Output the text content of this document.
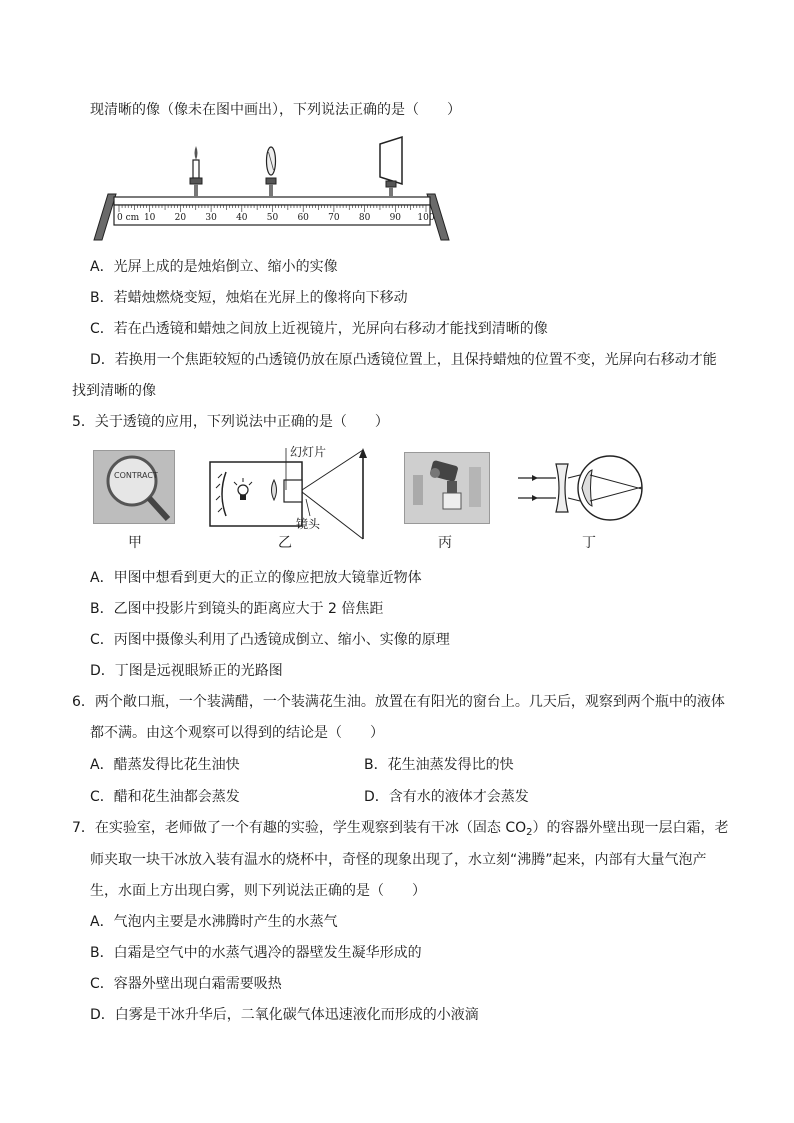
现清晰的像（像未在图中画出），下列说法正确的是（　　）
0 cm 10 20 30 40 50 60 70 80 90 100
A．光屏上成的是烛焰倒立、缩小的实像
B．若蜡烛燃烧变短，烛焰在光屏上的像将向下移动
C．若在凸透镜和蜡烛之间放上近视镜片，光屏向右移动才能找到清晰的像
D．若换用一个焦距较短的凸透镜仍放在原凸透镜位置上，且保持蜡烛的位置不变，光屏向右移动才能
找到清晰的像
5．关于透镜的应用，下列说法中正确的是（　　）
CONTRACT
甲
幻灯片
镜头
乙	丙	丁
A．甲图中想看到更大的正立的像应把放大镜靠近物体
B．乙图中投影片到镜头的距离应大于 2 倍焦距
C．丙图中摄像头利用了凸透镜成倒立、缩小、实像的原理
D．丁图是远视眼矫正的光路图
6．两个敞口瓶，一个装满醋，一个装满花生油。放置在有阳光的窗台上。几天后，观察到两个瓶中的液体
都不满。由这个观察可以得到的结论是（　　）
A．醋蒸发得比花生油快	B．花生油蒸发得比的快
C．醋和花生油都会蒸发	D．含有水的液体才会蒸发
7．在实验室，老师做了一个有趣的实验，学生观察到装有干冰（固态 $CO_2$）的容器外壁出现一层白霜，老
师夹取一块干冰放入装有温水的烧杯中，奇怪的现象出现了，水立刻“沸腾”起来，内部有大量气泡产
生，水面上方出现白雾，则下列说法正确的是（　　）
A．气泡内主要是水沸腾时产生的水蒸气
B．白霜是空气中的水蒸气遇冷的器壁发生凝华形成的
C．容器外壁出现白霜需要吸热
D．白雾是干冰升华后，二氧化碳气体迅速液化而形成的小液滴
